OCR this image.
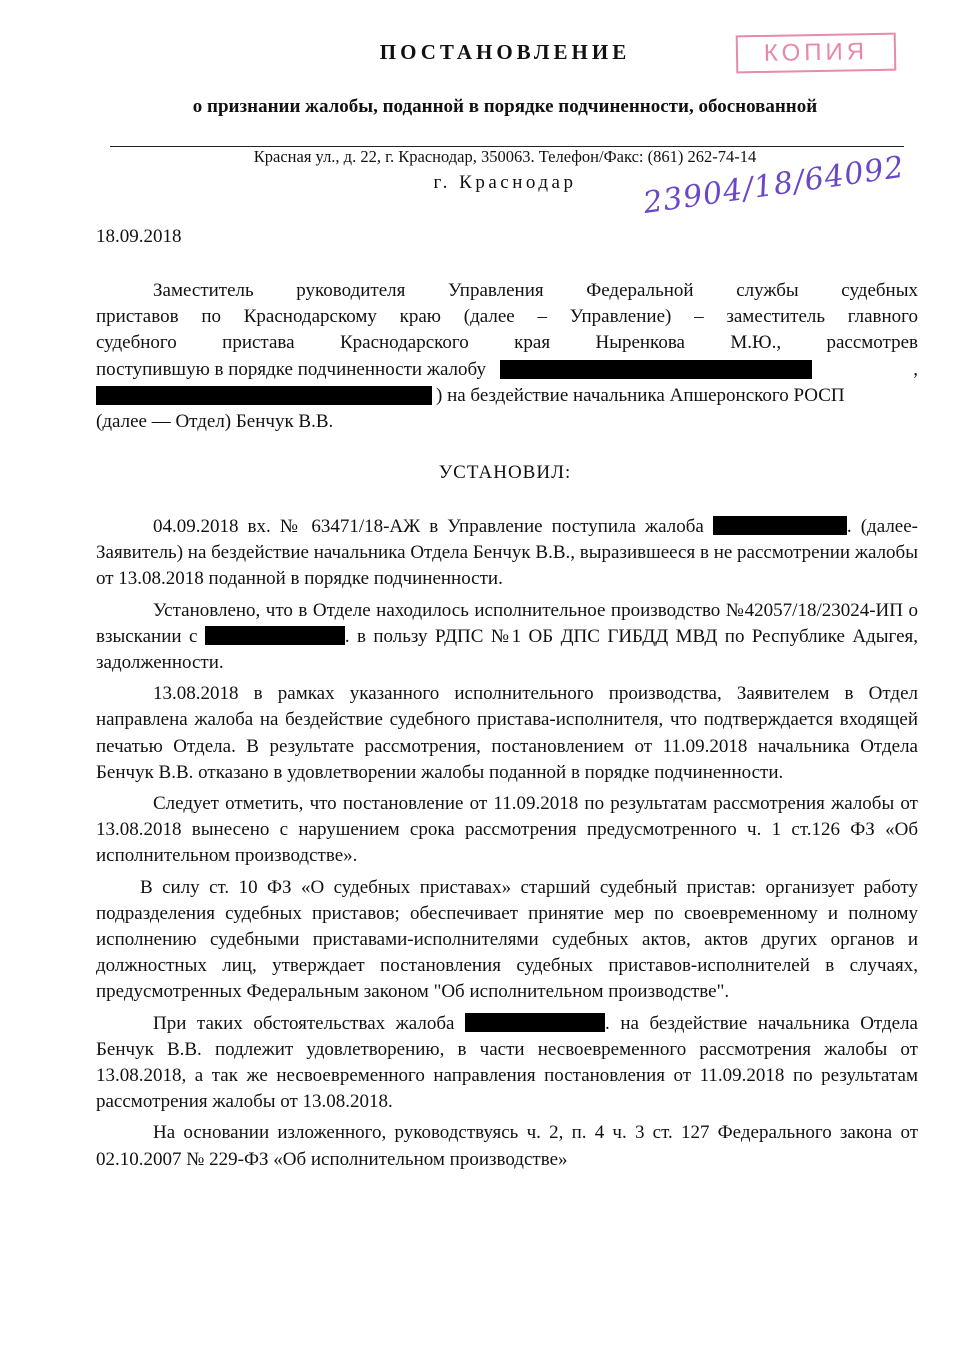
ПОСТАНОВЛЕНИЕ	КОПИЯ
о признании жалобы, поданной в порядке подчиненности, обоснованной
Красная ул., д. 22, г. Краснодар, 350063. Телефон/Факс: (861) 262-74-14
г. Краснодар	23904/18/64092
18.09.2018

Заместитель руководителя Управления Федеральной службы судебных

приставов по Краснодарскому краю (далее – Управление) – заместитель главного

судебного пристава Краснодарского края Ныренкова М.Ю., рассмотрев

поступившую в порядке подчиненности жалобу	,

) на бездействие начальника Апшеронского РОСП

(далее — Отдел) Бенчук В.В.

УСТАНОВИЛ:

04.09.2018 вх. № 63471/18-АЖ в Управление поступила жалоба	. (далее-Заявитель) на бездействие начальника Отдела Бенчук В.В., выразившееся в не рассмотрении жалобы от 13.08.2018 поданной в порядке подчиненности.

Установлено, что в Отделе находилось исполнительное производство №42057/18/23024-ИП о взыскании с	. в пользу РДПС №1 ОБ ДПС ГИБДД МВД по Республике Адыгея, задолженности.

13.08.2018 в рамках указанного исполнительного производства, Заявителем в Отдел направлена жалоба на бездействие судебного пристава-исполнителя, что подтверждается входящей печатью Отдела. В результате рассмотрения, постановлением от 11.09.2018 начальника Отдела Бенчук В.В. отказано в удовлетворении жалобы поданной в порядке подчиненности.

Следует отметить, что постановление от 11.09.2018 по результатам рассмотрения жалобы от 13.08.2018 вынесено с нарушением срока рассмотрения предусмотренного ч. 1 ст.126 ФЗ «Об исполнительном производстве».

В силу ст. 10 ФЗ «О судебных приставах» старший судебный пристав: организует работу подразделения судебных приставов; обеспечивает принятие мер по своевременному и полному исполнению судебными приставами-исполнителями судебных актов, актов других органов и должностных лиц, утверждает постановления судебных приставов-исполнителей в случаях, предусмотренных Федеральным законом "Об исполнительном производстве".

При таких обстоятельствах жалоба	. на бездействие начальника Отдела Бенчук В.В. подлежит удовлетворению, в части несвоевременного рассмотрения жалобы от 13.08.2018, а так же несвоевременного направления постановления от 11.09.2018 по результатам рассмотрения жалобы от 13.08.2018.

На основании изложенного, руководствуясь ч. 2, п. 4 ч. 3 ст. 127 Федерального закона от 02.10.2007 № 229-ФЗ «Об исполнительном производстве»
